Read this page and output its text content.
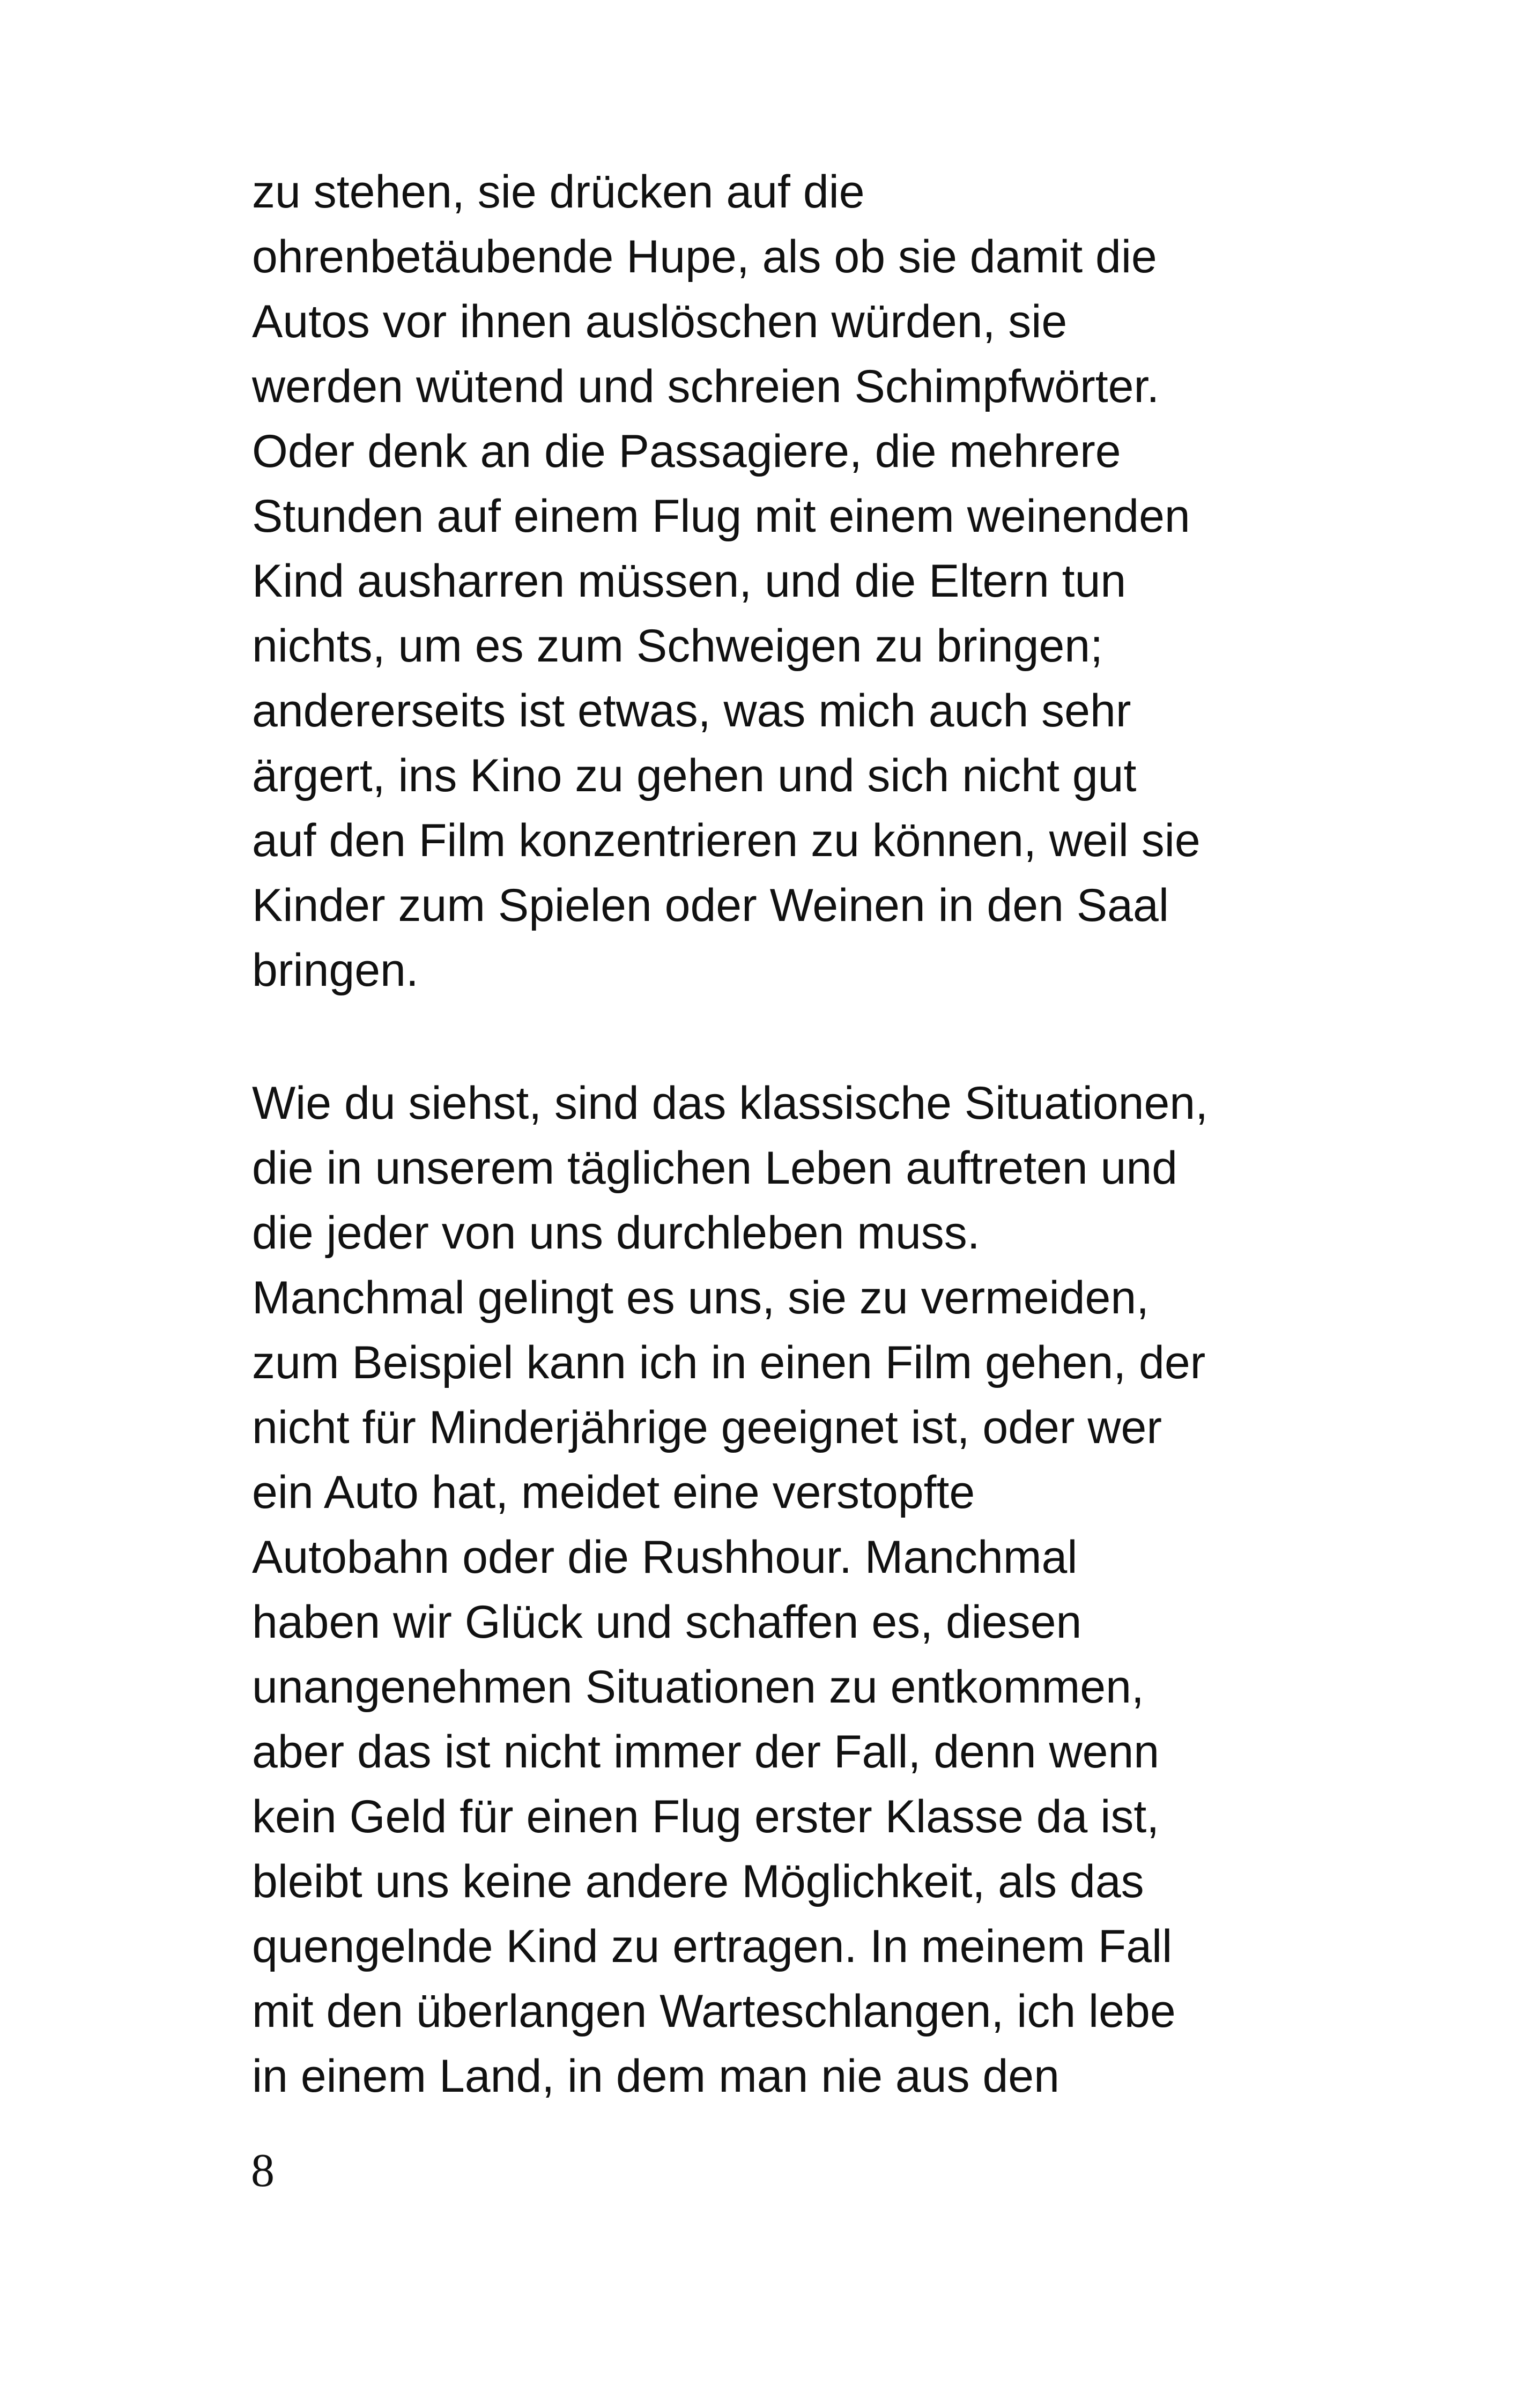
zu stehen, sie drücken auf die
ohrenbetäubende Hupe, als ob sie damit die
Autos vor ihnen auslöschen würden, sie
werden wütend und schreien Schimpfwörter.
Oder denk an die Passagiere, die mehrere
Stunden auf einem Flug mit einem weinenden
Kind ausharren müssen, und die Eltern tun
nichts, um es zum Schweigen zu bringen;
andererseits ist etwas, was mich auch sehr
ärgert, ins Kino zu gehen und sich nicht gut
auf den Film konzentrieren zu können, weil sie
Kinder zum Spielen oder Weinen in den Saal
bringen.
Wie du siehst, sind das klassische Situationen,
die in unserem täglichen Leben auftreten und
die jeder von uns durchleben muss.
Manchmal gelingt es uns, sie zu vermeiden,
zum Beispiel kann ich in einen Film gehen, der
nicht für Minderjährige geeignet ist, oder wer
ein Auto hat, meidet eine verstopfte
Autobahn oder die Rushhour. Manchmal
haben wir Glück und schaffen es, diesen
unangenehmen Situationen zu entkommen,
aber das ist nicht immer der Fall, denn wenn
kein Geld für einen Flug erster Klasse da ist,
bleibt uns keine andere Möglichkeit, als das
quengelnde Kind zu ertragen. In meinem Fall
mit den überlangen Warteschlangen, ich lebe
in einem Land, in dem man nie aus den
8
